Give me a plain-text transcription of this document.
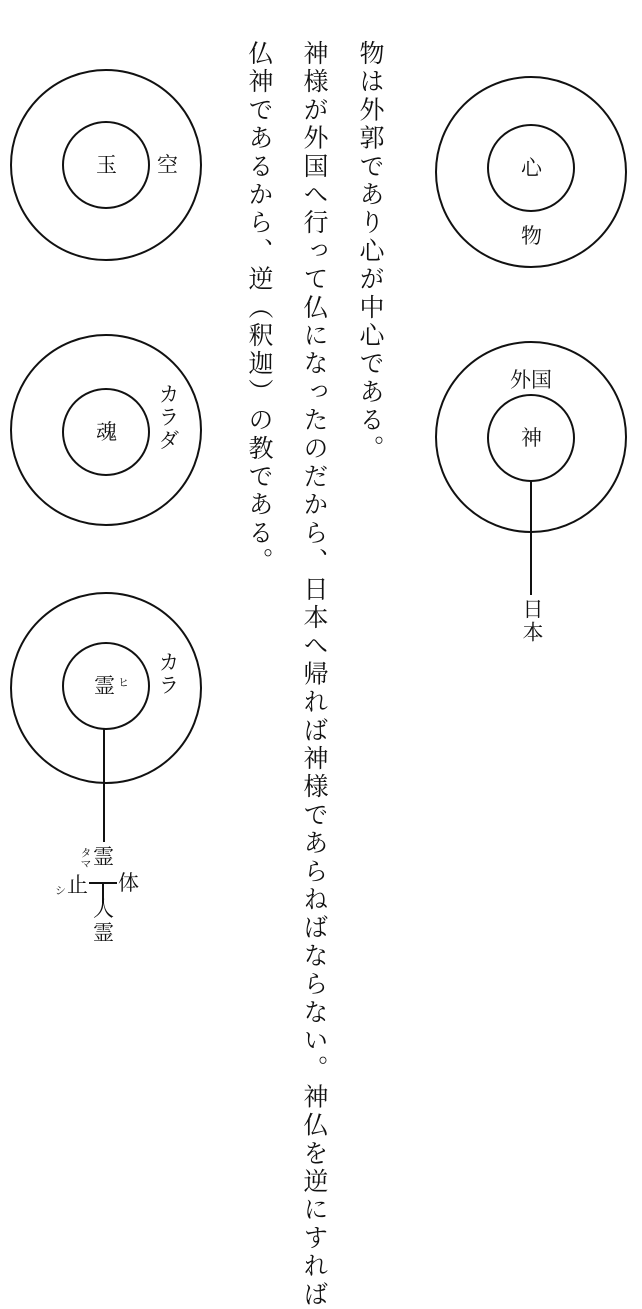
物は外郭であり心が中心である。
神様が外国へ行って仏になったのだから、日本へ帰れば神様であらねばならない。神仏を逆にすれば
仏神であるから、逆（釈迦）の教である。	心
物
外国
神
日本
玉 空
魂 カラダ
霊 ヒ カラ
タマ 霊
シ 止 体
人
霊
